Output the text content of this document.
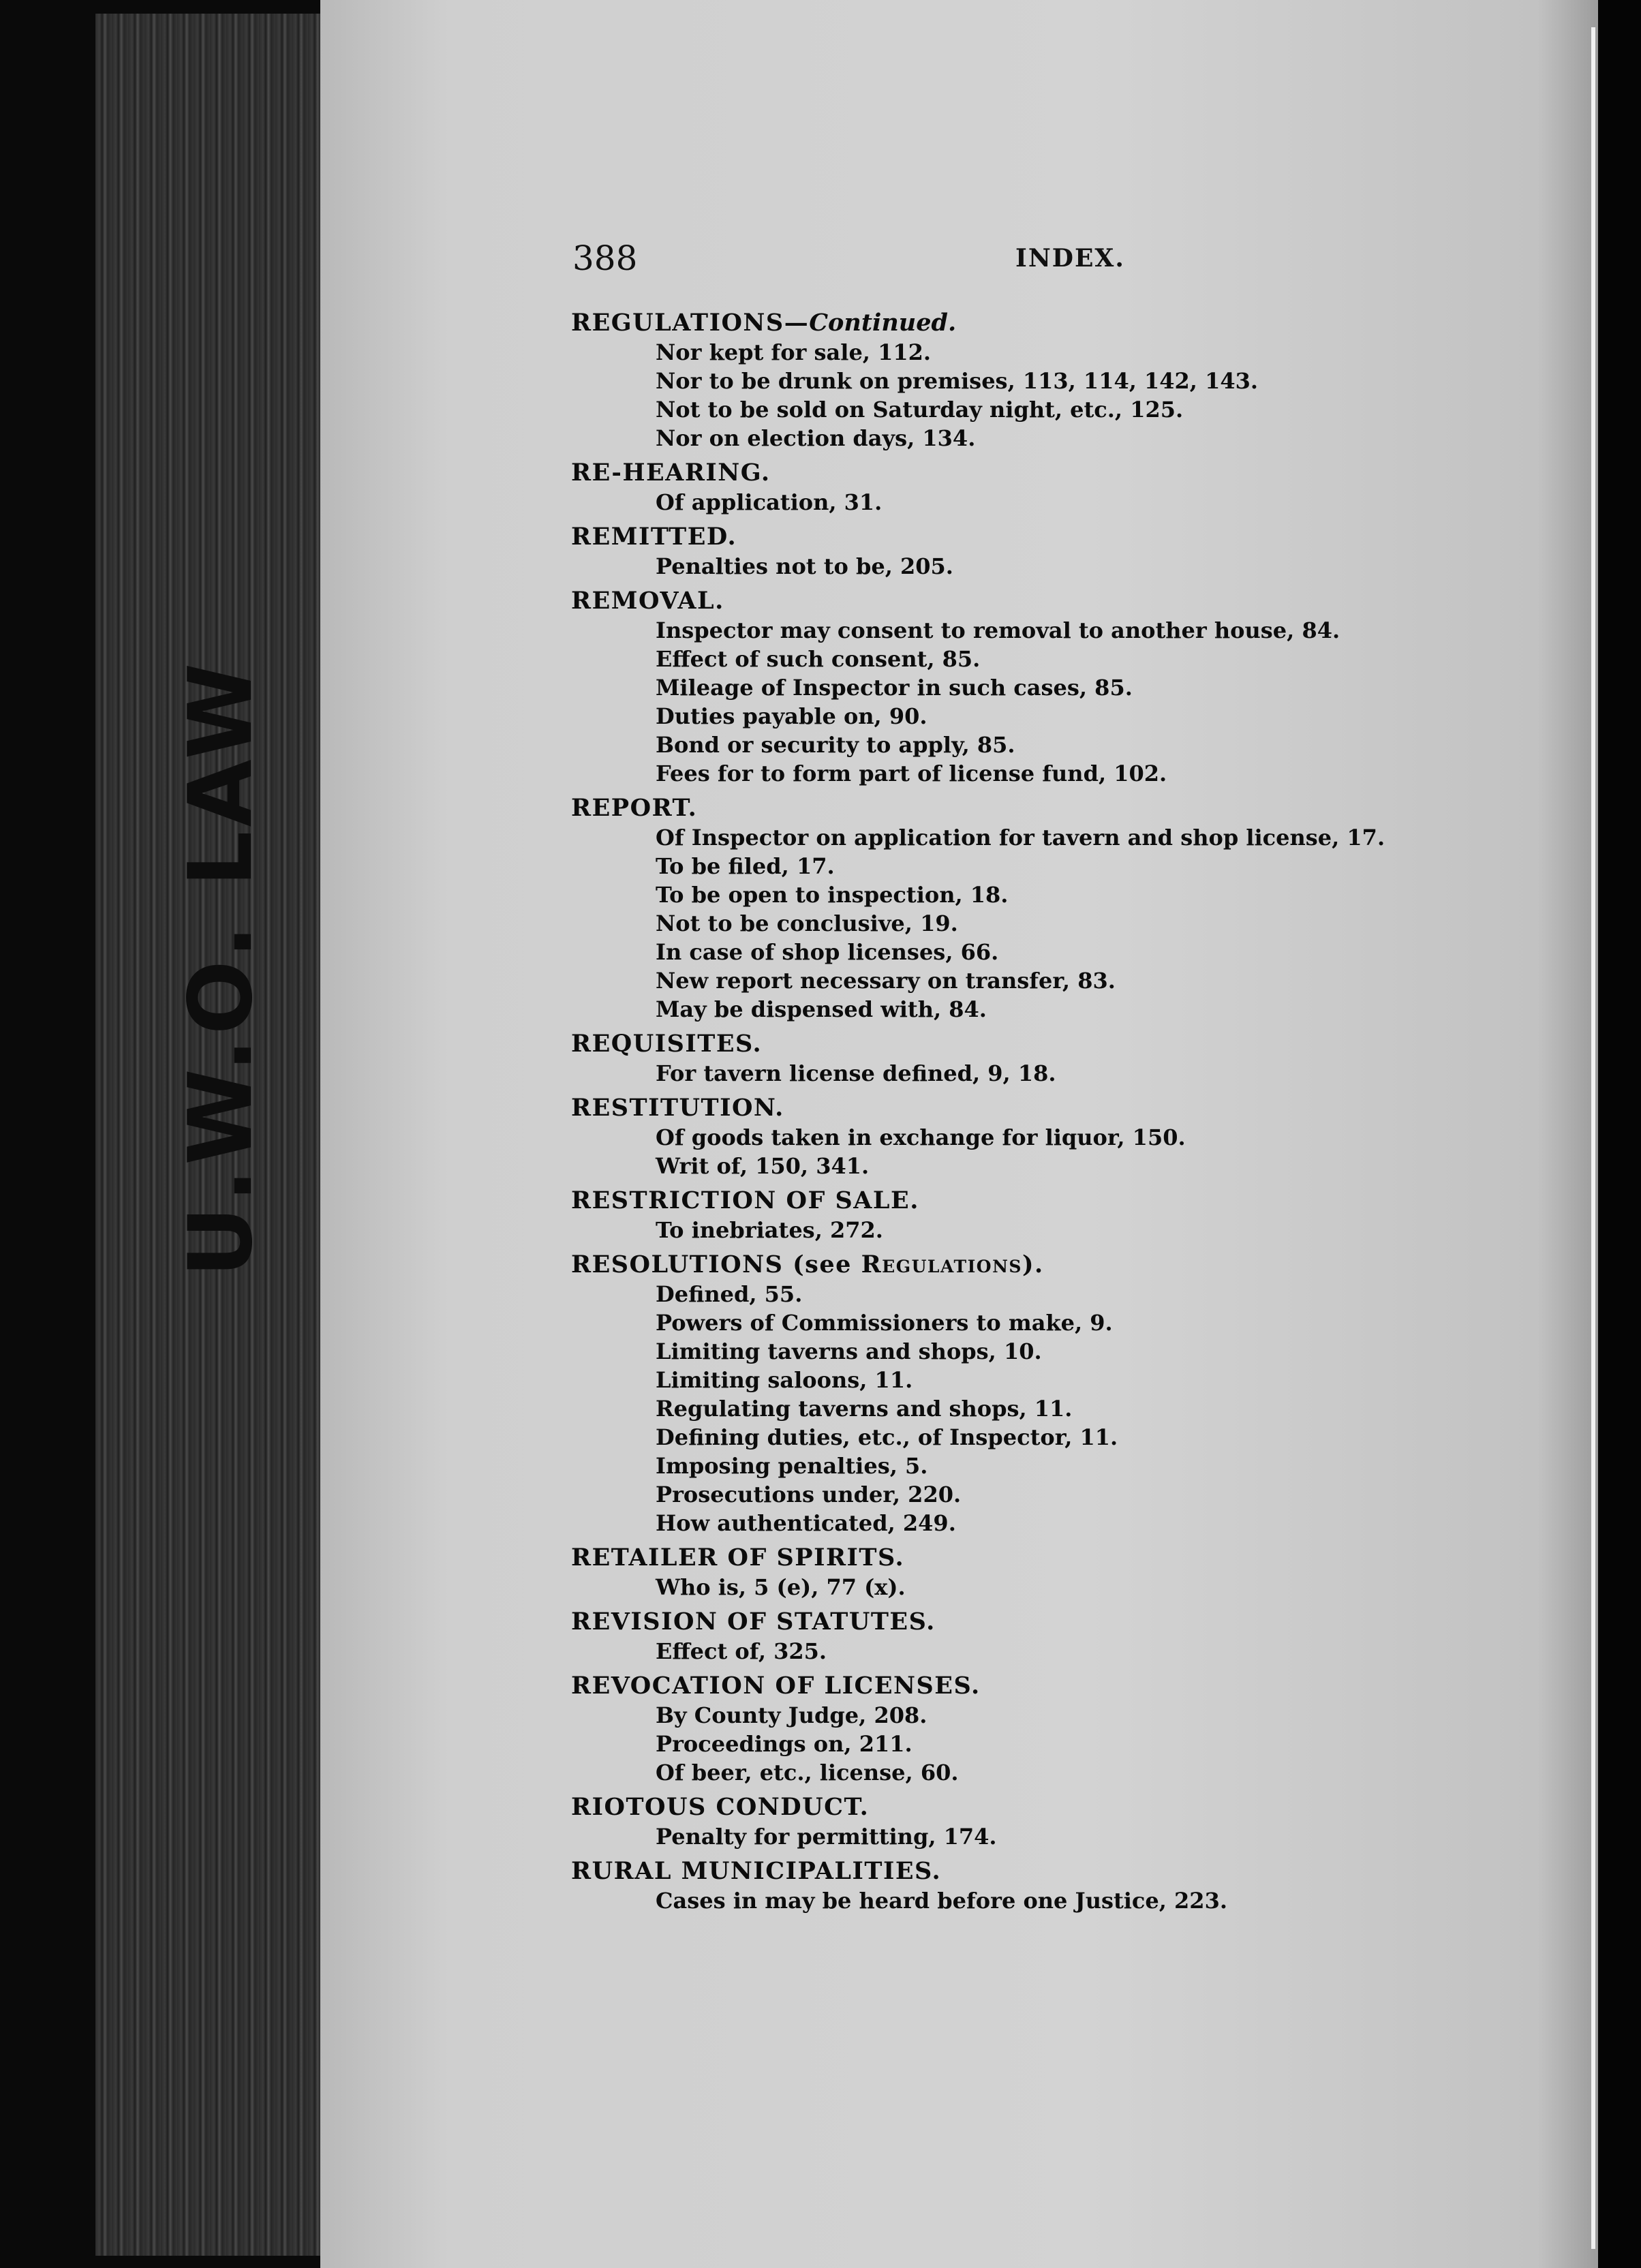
U.W.O. LAW
388	INDEX.
REGULATIONS—Continued.
Nor kept for sale, 112.
Nor to be drunk on premises, 113, 114, 142, 143.
Not to be sold on Saturday night, etc., 125.
Nor on election days, 134.
RE-HEARING.
Of application, 31.
REMITTED.
Penalties not to be, 205.
REMOVAL.
Inspector may consent to removal to another house, 84.
Effect of such consent, 85.
Mileage of Inspector in such cases, 85.
Duties payable on, 90.
Bond or security to apply, 85.
Fees for to form part of license fund, 102.
REPORT.
Of Inspector on application for tavern and shop license, 17.
To be filed, 17.
To be open to inspection, 18.
Not to be conclusive, 19.
In case of shop licenses, 66.
New report necessary on transfer, 83.
May be dispensed with, 84.
REQUISITES.
For tavern license defined, 9, 18.
RESTITUTION.
Of goods taken in exchange for liquor, 150.
Writ of, 150, 341.
RESTRICTION OF SALE.
To inebriates, 272.
RESOLUTIONS (see Regulations).
Defined, 55.
Powers of Commissioners to make, 9.
Limiting taverns and shops, 10.
Limiting saloons, 11.
Regulating taverns and shops, 11.
Defining duties, etc., of Inspector, 11.
Imposing penalties, 5.
Prosecutions under, 220.
How authenticated, 249.
RETAILER OF SPIRITS.
Who is, 5 (e), 77 (x).
REVISION OF STATUTES.
Effect of, 325.
REVOCATION OF LICENSES.
By County Judge, 208.
Proceedings on, 211.
Of beer, etc., license, 60.
RIOTOUS CONDUCT.
Penalty for permitting, 174.
RURAL MUNICIPALITIES.
Cases in may be heard before one Justice, 223.
